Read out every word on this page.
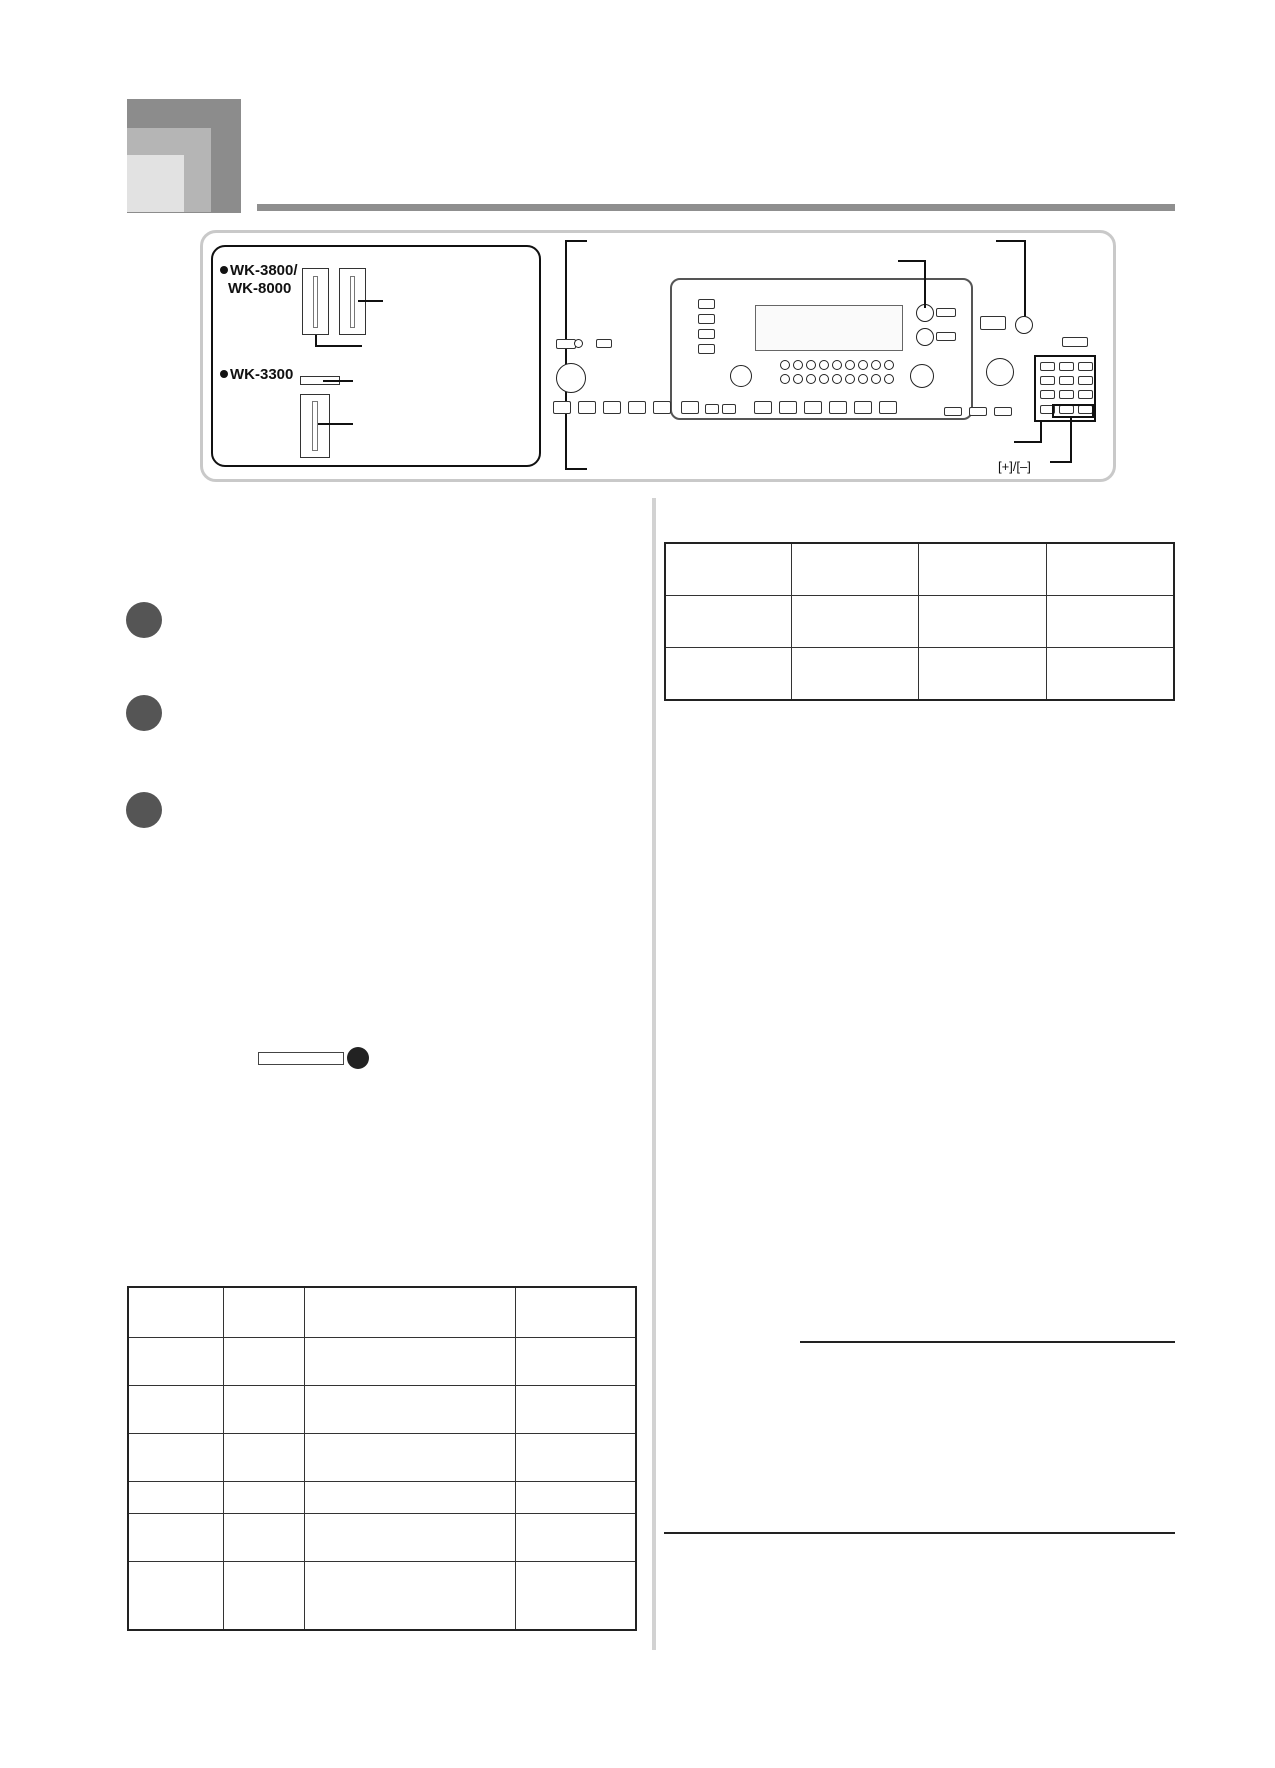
WK-3800/
WK-8000
WK-3300
[+]/[–]
